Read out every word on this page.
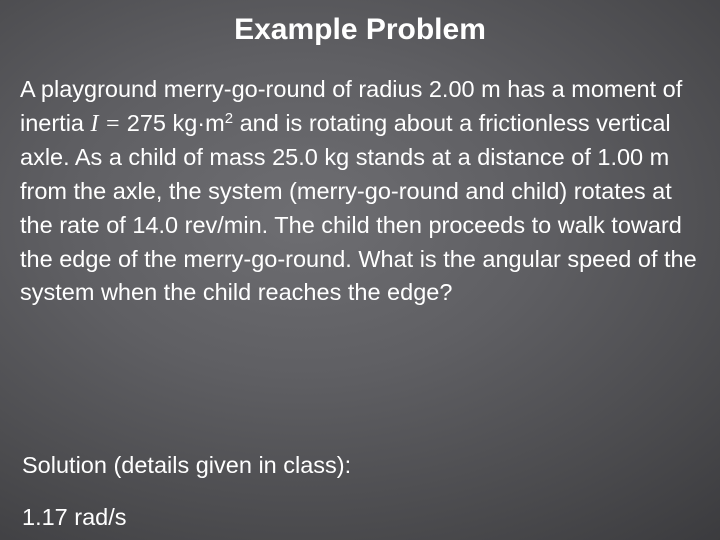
Example Problem

A playground merry-go-round of radius 2.00 m has a moment of inertia I = 275 $kg\cdot m^2$ and is rotating about a frictionless vertical axle. As a child of mass 25.0 kg stands at a distance of 1.00 m from the axle, the system (merry-go-round and child) rotates at the rate of 14.0 rev/min. The child then proceeds to walk toward the edge of the merry-go-round. What is the angular speed of the system when the child reaches the edge?

Solution (details given in class):

1.17 rad/s
